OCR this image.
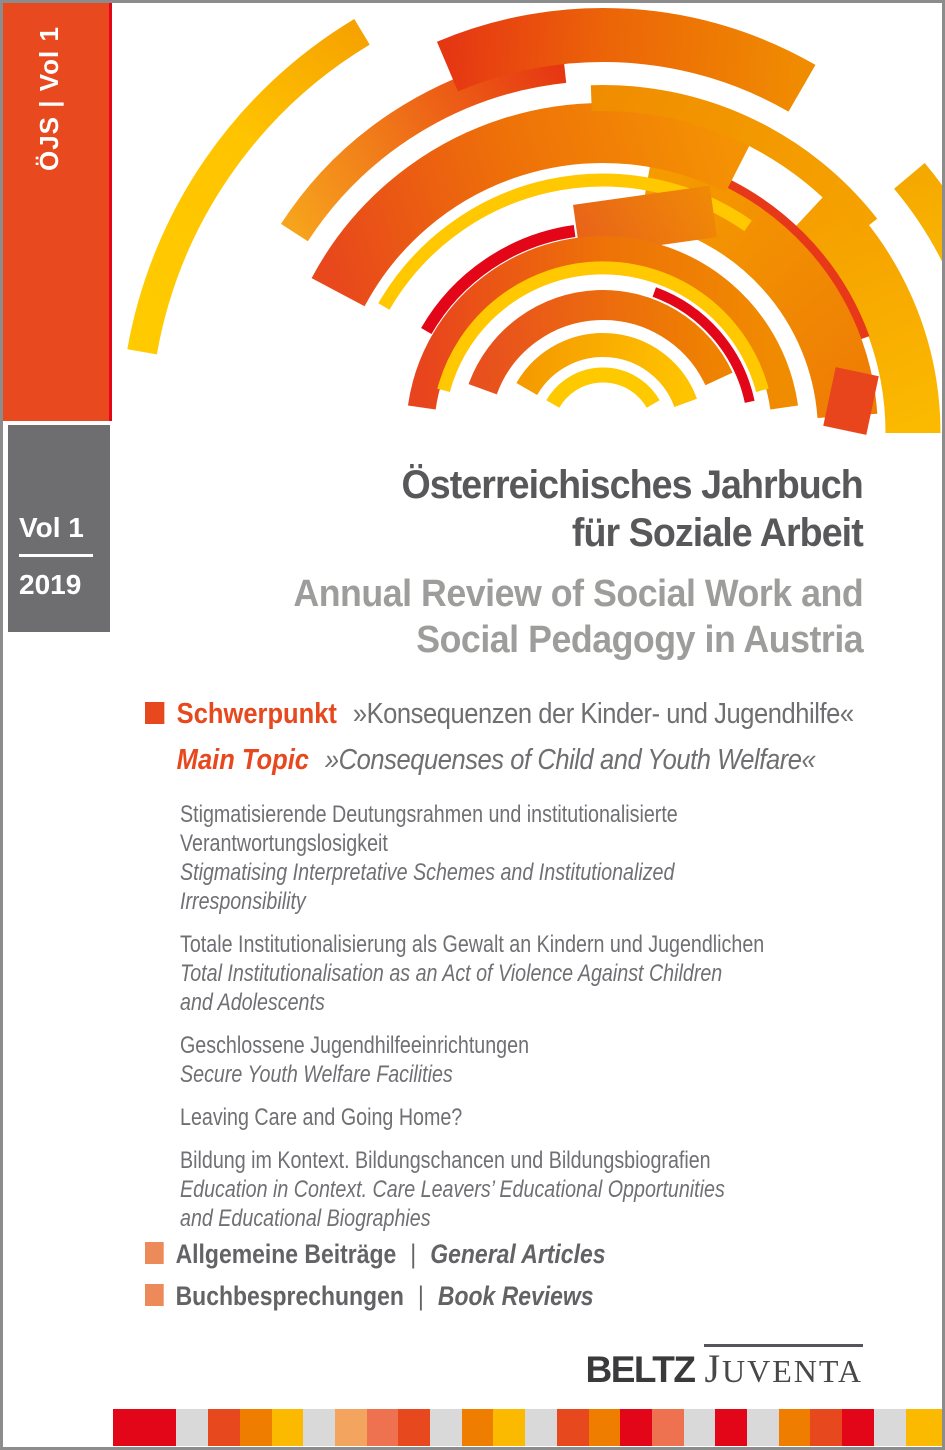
ÖJS | Vol 1
Vol 1
2019
Österreichisches Jahrbuch
für Soziale Arbeit
Annual Review of Social Work and
Social Pedagogy in Austria
Schwerpunkt »Konsequenzen der Kinder- und Jugendhilfe«
Main Topic »Consequenses of Child and Youth Welfare«
Stigmatisierende Deutungsrahmen und institutionalisierte
Verantwortungslosigkeit
Stigmatising Interpretative Schemes and Institutionalized
Irresponsibility
Totale Institutionalisierung als Gewalt an Kindern und Jugendlichen
Total Institutionalisation as an Act of Violence Against Children
and Adolescents
Geschlossene Jugendhilfeeinrichtungen
Secure Youth Welfare Facilities
Leaving Care and Going Home?
Bildung im Kontext. Bildungschancen und Bildungsbiografien
Education in Context. Care Leavers’ Educational Opportunities
and Educational Biographies
Allgemeine Beiträge | General Articles
Buchbesprechungen | Book Reviews
BELTZ JUVENTA
